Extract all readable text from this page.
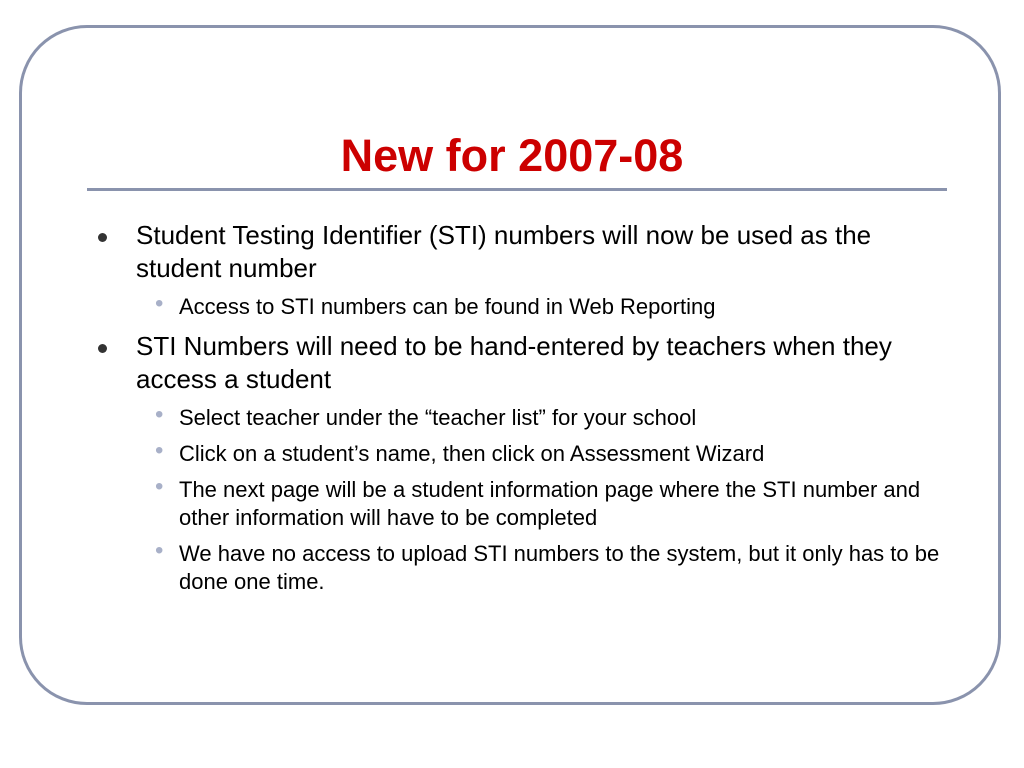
New for 2007-08
Student Testing Identifier (STI) numbers will now be used as the student number
• Access to STI numbers can be found in Web Reporting
STI Numbers will need to be hand-entered by teachers when they access a student
• Select teacher under the “teacher list” for your school
• Click on a student’s name, then click on Assessment Wizard
• The next page will be a student information page where the STI number and other information will have to be completed
• We have no access to upload STI numbers to the system, but it only has to be done one time.
